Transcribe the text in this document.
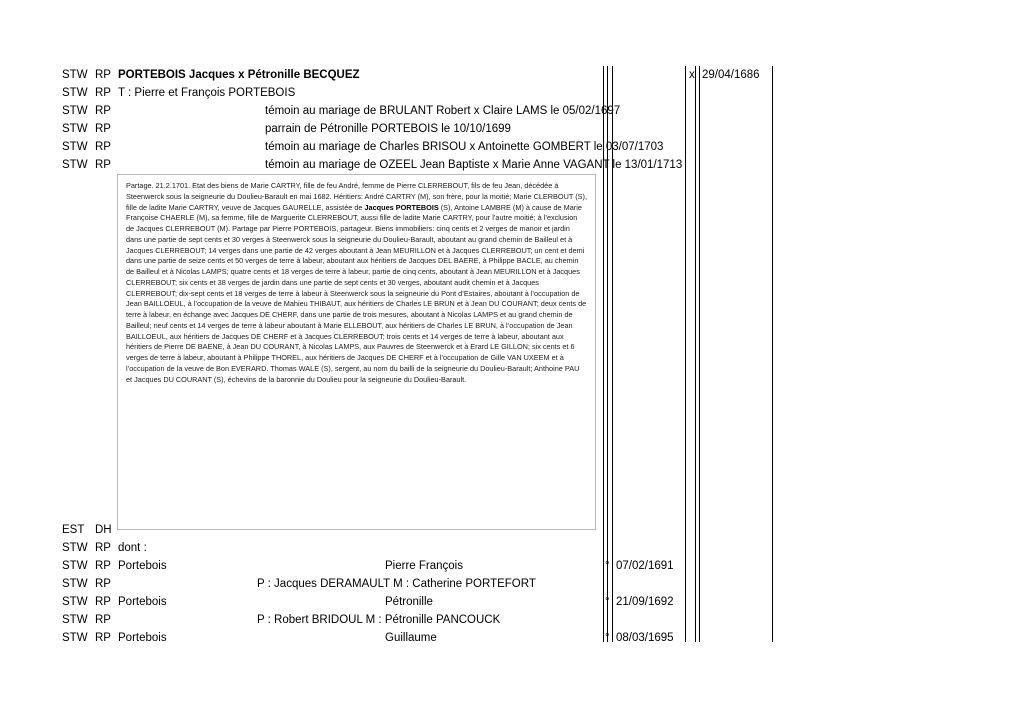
STW RP PORTEBOIS Jacques x Pétronille BECQUEZ	x 29/04/1686
STW RP T : Pierre et François PORTEBOIS
STW RP	témoin au mariage de BRULANT Robert x Claire LAMS le 05/02/1697
STW RP	parrain de Pétronille PORTEBOIS le 10/10/1699
STW RP	témoin au mariage de Charles BRISOU x Antoinette GOMBERT le 03/07/1703
STW RP	témoin au mariage de OZEEL Jean Baptiste x Marie Anne VAGANT le 13/01/1713

Partage. 21.2.1701. Etat des biens de Marie CARTRY, fille de feu André, femme de Pierre CLERREBOUT, fils de feu Jean, décédée à Steenwerck sous la seigneurie du Doulieu-Barault en mai 1682. Héritiers: André CARTRY (M), son frère, pour la moitié; Marie CLERBOUT (S), fille de ladite Marie CARTRY, veuve de Jacques GAURELLE, assistée de Jacques PORTEBOIS (S), Antoine LAMBRE (M) à cause de Marie Françoise CHAERLE (M), sa femme, fille de Marguerite CLERREBOUT, aussi fille de ladite Marie CARTRY, pour l’autre moitié; à l’exclusion de Jacques CLERREBOUT (M). Partage par Pierre PORTEBOIS, partageur. Biens immobiliers: cinq cents et 2 verges de manoir et jardin dans une partie de sept cents et 30 verges à Steenwerck sous la seigneurie du Doulieu-Barault, aboutant au grand chemin de Bailleul et à Jacques CLERREBOUT; 14 verges dans une partie de 42 verges aboutant à Jean MEURILLON et à Jacques CLERREBOUT; un cent et demi dans une partie de seize cents et 50 verges de terre à labeur, aboutant aux héritiers de Jacques DEL BAERE, à Philippe BACLE, au chemin de Bailleul et à Nicolas LAMPS; quatre cents et 18 verges de terre à labeur, partie de cinq cents, aboutant à Jean MEURILLON et à Jacques CLERREBOUT; six cents et 38 verges de jardin dans une partie de sept cents et 30 verges, aboutant audit chemin et à Jacques CLERREBOUT; dix-sept cents et 18 verges de terre à labeur à Steenwerck sous la seigneurie du Pont d’Estaires, aboutant à l’occupation de Jean BAILLOEUL, à l’occupation de la veuve de Mahieu THIBAUT, aux héritiers de Charles LE BRUN et à Jean DU COURANT; deux cents de terre à labeur, en échange avec Jacques DE CHERF, dans une partie de trois mesures, aboutant à Nicolas LAMPS et au grand chemin de Bailleul; neuf cents et 14 verges de terre à labeur aboutant à Marie ELLEBOUT, aux héritiers de Charles LE BRUN, à l’occupation de Jean BAILLOEUL, aux héritiers de Jacques DE CHERF et à Jacques CLERREBOUT; trois cents et 14 verges de terre à labeur, aboutant aux héritiers de Pierre DE BAENE, à Jean DU COURANT, à Nicolas LAMPS, aux Pauvres de Steenwerck et à Erard LE GILLON; six cents et 6 verges de terre à labeur, aboutant à Philippe THOREL, aux héritiers de Jacques DE CHERF et à l’occupation de Gille VAN UXEEM et à l’occupation de la veuve de Bon EVERARD. Thomas WALE (S), sergent, au nom du bailli de la seigneurie du Doulieu-Barault; Anthoine PAU et Jacques DU COURANT (S), échevins de la baronnie du Doulieu pour la seigneurie du Doulieu-Barault.

EST DH
STW RP dont :
STW RP Portebois	Pierre François	° 07/02/1691
STW RP	P : Jacques DERAMAULT M : Catherine PORTEFORT
STW RP Portebois	Pétronille	° 21/09/1692
STW RP	P : Robert BRIDOUL M : Pétronille PANCOUCK
STW RP Portebois	Guillaume	° 08/03/1695
